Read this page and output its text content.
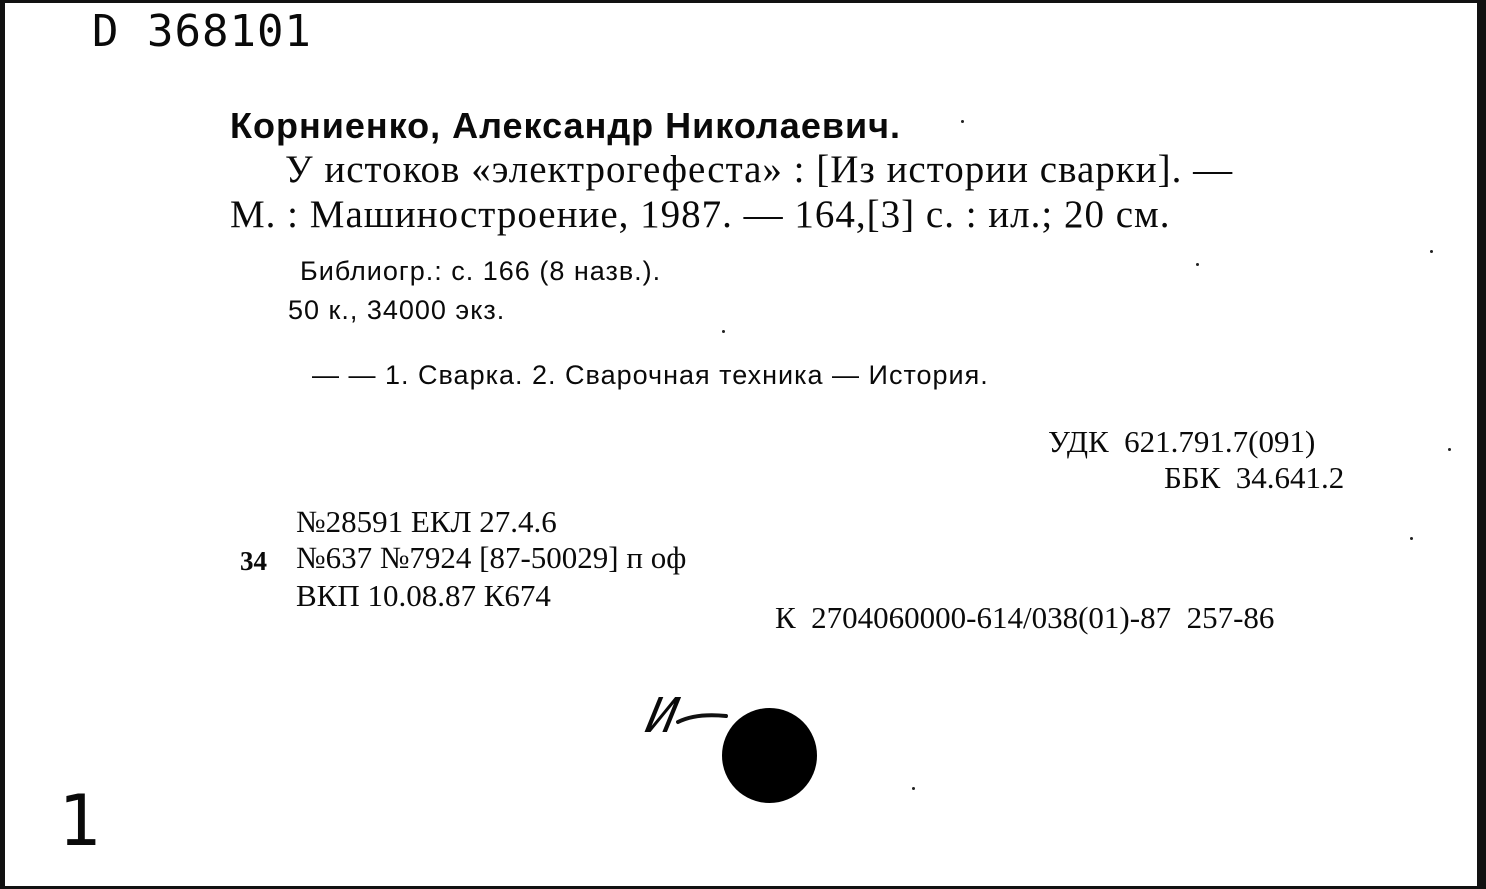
D 368101
Корниенко, Александр Николаевич.
У истоков «электрогефеста» : [Из истории сварки]. —
М. : Машиностроение, 1987. — 164,[3] с. : ил.; 20 см.
Библиогр.: с. 166 (8 назв.).
50 к., 34000 экз.
— — 1. Сварка. 2. Сварочная техника — История.
УДК  621.791.7(091)
ББК  34.641.2
№28591 ЕКЛ 27.4.6
34 №637 №7924 [87-50029] п оф
ВКП 10.08.87 К674
К  2704060000-614/038(01)-87  257-86
И
1
